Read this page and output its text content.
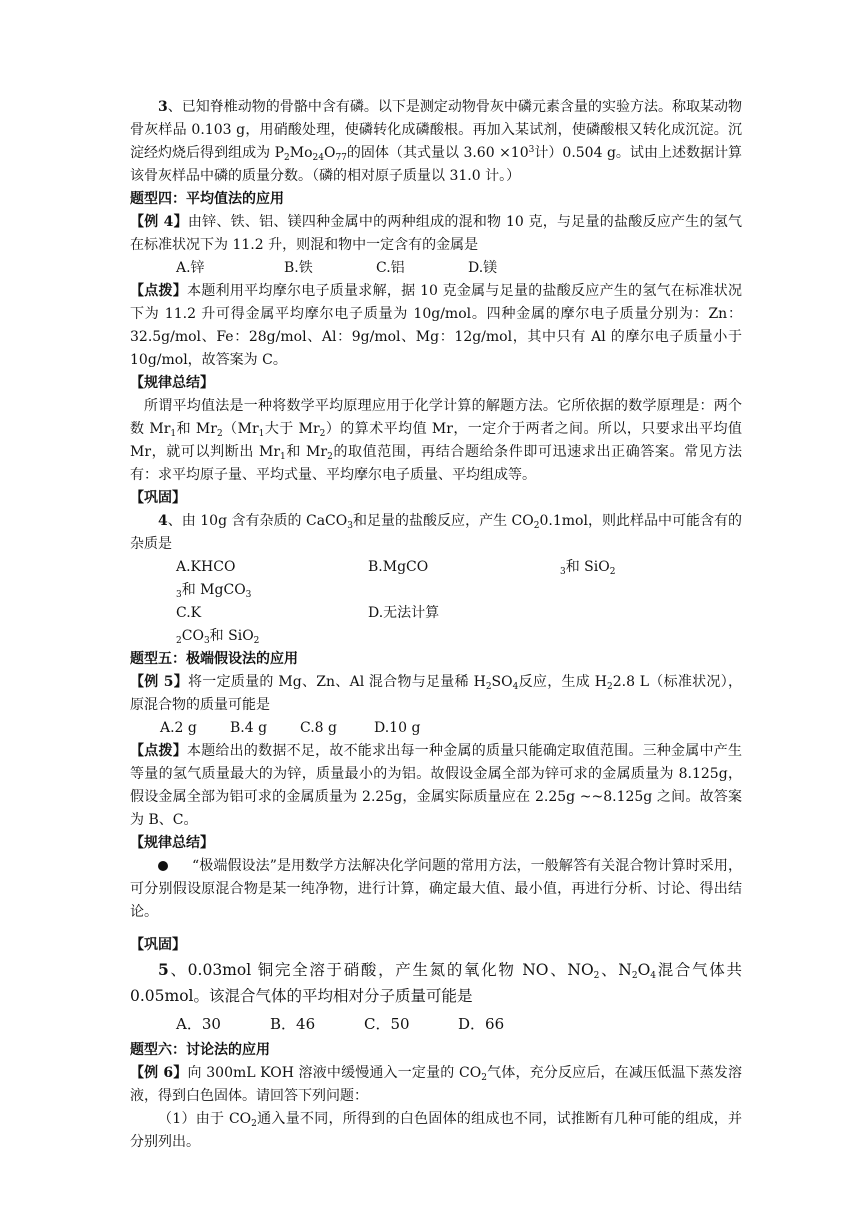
3、已知脊椎动物的骨骼中含有磷。以下是测定动物骨灰中磷元素含量的实验方法。称取某动物骨灰样品 0.103 g，用硝酸处理，使磷转化成磷酸根。再加入某试剂，使磷酸根又转化成沉淀。沉淀经灼烧后得到组成为 $P_2Mo_{24}O_{77}$的固体（其式量以 $3.60 \times 10^3$计）0.504 g。试由上述数据计算该骨灰样品中磷的质量分数。（磷的相对原子质量以 31.0 计。）

题型四：平均值法的应用

【例 4】由锌、铁、铝、镁四种金属中的两种组成的混和物 10 克，与足量的盐酸反应产生的氢气在标准状况下为 11.2 升，则混和物中一定含有的金属是

A.锌	B.铁	C.铝	D.镁

【点拨】本题利用平均摩尔电子质量求解，据 10 克金属与足量的盐酸反应产生的氢气在标准状况下为 11.2 升可得金属平均摩尔电子质量为 10g/mol。四种金属的摩尔电子质量分别为：Zn：32.5g/mol、Fe：28g/mol、Al：9g/mol、Mg：12g/mol，其中只有 Al 的摩尔电子质量小于 10g/mol，故答案为 C。

【规律总结】

所谓平均值法是一种将数学平均原理应用于化学计算的解题方法。它所依据的数学原理是：两个数 $Mr_1$和 $Mr_2(Mr_1$大于 $Mr_2$）的算术平均值 Mr，一定介于两者之间。所以，只要求出平均值 Mr，就可以判断出 $Mr_1$和 $Mr_2$的取值范围，再结合题给条件即可迅速求出正确答案。常见方法有：求平均原子量、平均式量、平均摩尔电子质量、平均组成等。

【巩固】

4、由 10g 含有杂质的 CaCO$_3$和足量的盐酸反应，产生 $CO_20.1mol$，则此样品中可能含有的杂质是

$A.KHCO_3$和 MgCO$_3$
B.MgCO	$_3$和 SiO$_2$
$C.K_2CO_3$和 SiO$_2$
D.无法计算

题型五：极端假设法的应用

【例 5】将一定质量的 Mg、Zn、Al 混合物与足量稀 $H_2SO_4$反应，生成 $H_22.8$ L（标准状况），原混合物的质量可能是

A.2 g	B.4 g	C.8 g	D.10 g

【点拨】本题给出的数据不足，故不能求出每一种金属的质量只能确定取值范围。三种金属中产生等量的氢气质量最大的为锌，质量最小的为铝。故假设金属全部为锌可求的金属质量为 8.125g，假设金属全部为铝可求的金属质量为 2.25g，金属实际质量应在 2.25g ~~8.125g 之间。故答案为 B、C。

【规律总结】

“极端假设法”是用数学方法解决化学问题的常用方法，一般解答有关混合物计算时采用，可分别假设原混合物是某一纯净物，进行计算，确定最大值、最小值，再进行分析、讨论、得出结论。

【巩固】

5、0.03mol 铜完全溶于硝酸，产生氮的氧化物 NO、$NO_2$、$N_2O_4$混合气体共 0.05mol。该混合气体的平均相对分子质量可能是

A．30	B．46	C．50	D．66

题型六：讨论法的应用

【例 6】向 300mL KOH 溶液中缓慢通入一定量的 $CO_2$气体，充分反应后，在减压低温下蒸发溶液，得到白色固体。请回答下列问题：

（1）由于 $CO_2$通入量不同，所得到的白色固体的组成也不同，试推断有几种可能的组成，并分别列出。
